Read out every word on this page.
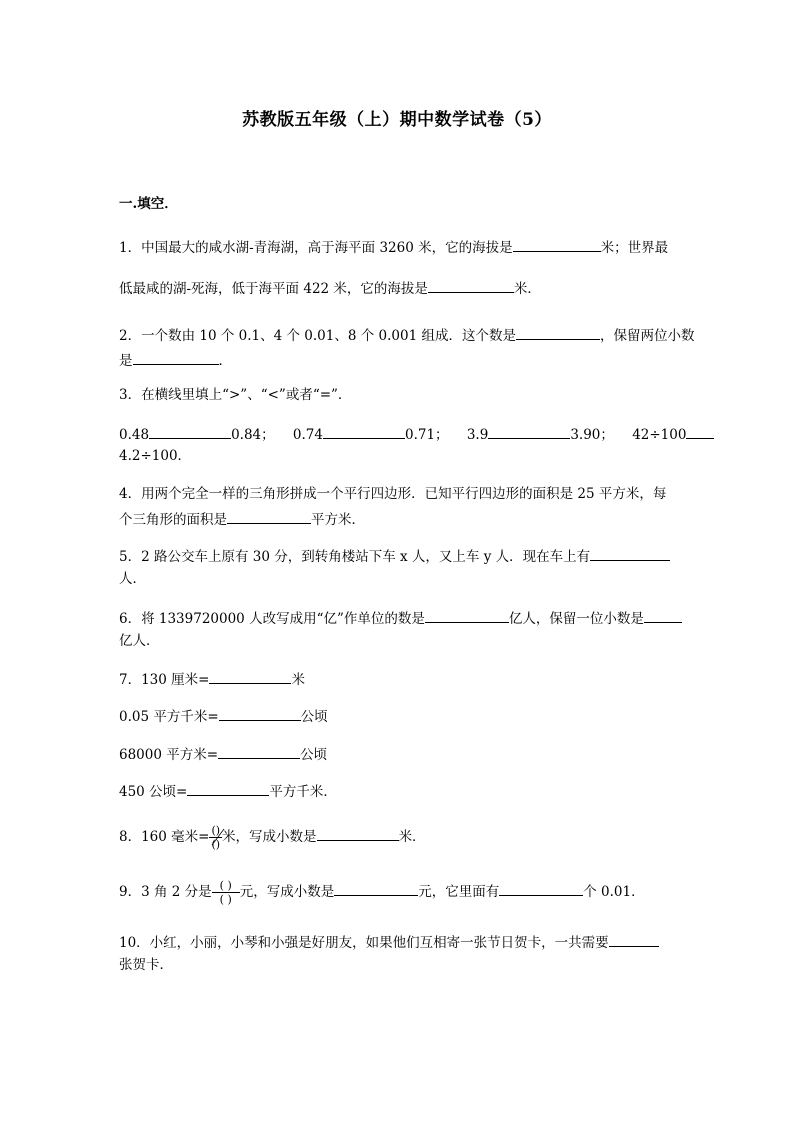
苏教版五年级（上）期中数学试卷（5）
一.填空．
1．中国最大的咸水湖-青海湖，高于海平面 3260 米，它的海拔是	米；世界最
低最咸的湖-死海，低于海平面 422 米，它的海拔是	米．
2．一个数由 10 个 0.1、4 个 0.01、8 个 0.001 组成．这个数是	，保留两位小数
是	．
3．在横线里填上“>”、“<”或者“=”．
0.48	0.84； 0.74	0.71； 3.9	3.90； 42÷100
4.2÷100．
4．用两个完全一样的三角形拼成一个平行四边形．已知平行四边形的面积是 25 平方米，每
个三角形的面积是	平方米．
5．2 路公交车上原有 30 分，到转角楼站下车 x 人，又上车 y 人．现在车上有
人．
6．将 1339720000 人改写成用“亿”作单位的数是	亿人，保留一位小数是
亿人．
7．130 厘米=	米
0.05 平方千米=	公顷
68000 平方米=	公顷
450 公顷=	平方千米．
8．160 毫米= $\frac{()}{()}$ 米，写成小数是	米．
9．3 角 2 分是 $\frac{( )}{( )}$ 元，写成小数是	元，它里面有	个 0.01．
10．小红，小丽，小琴和小强是好朋友，如果他们互相寄一张节日贺卡，一共需要
张贺卡．
